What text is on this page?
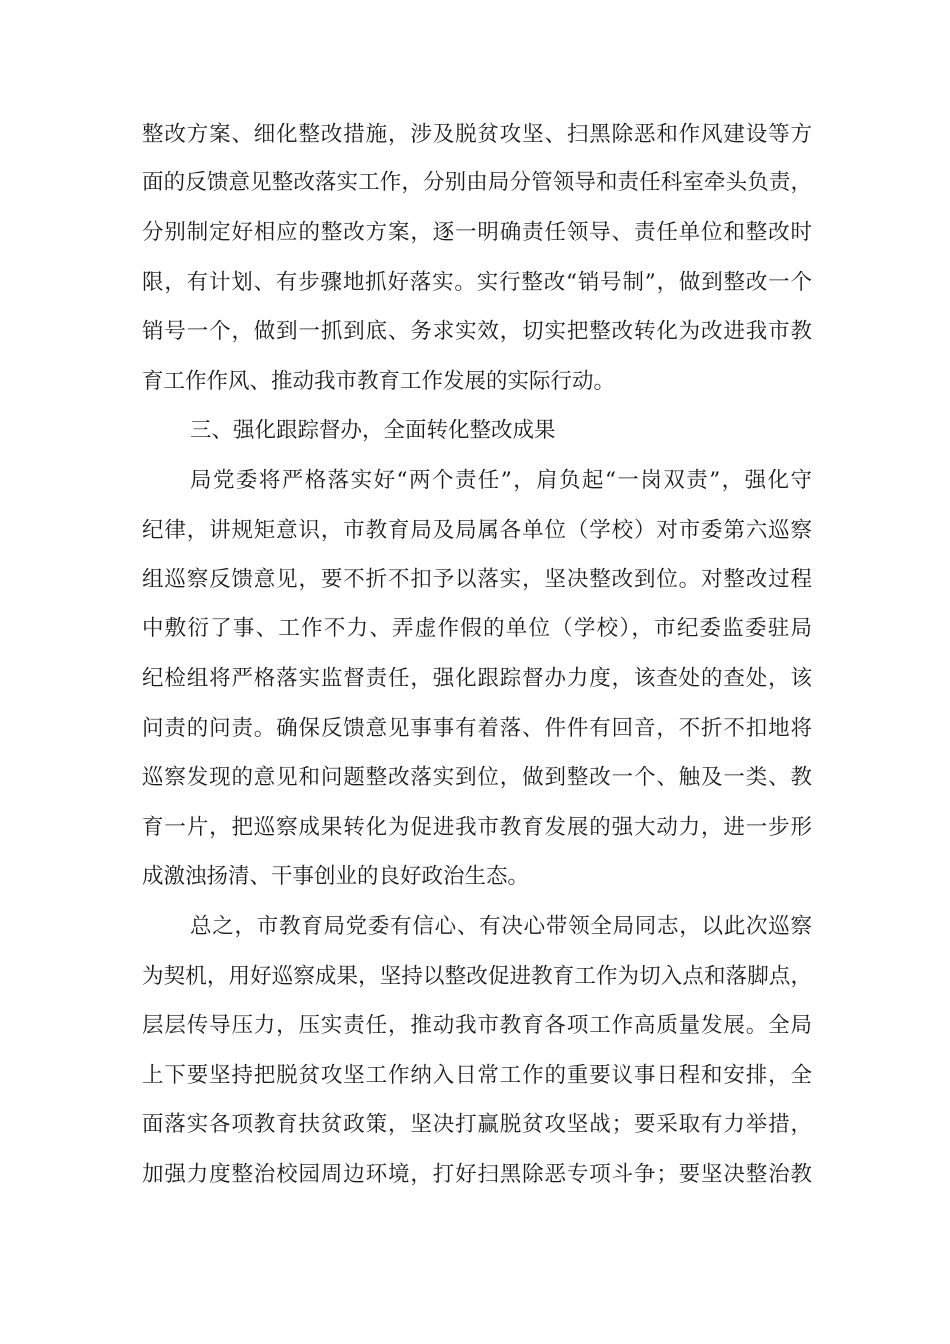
整改方案、细化整改措施，涉及脱贫攻坚、扫黑除恶和作风建设等方
面的反馈意见整改落实工作，分别由局分管领导和责任科室牵头负责，
分别制定好相应的整改方案，逐一明确责任领导、责任单位和整改时
限，有计划、有步骤地抓好落实。实行整改“销号制”，做到整改一个
销号一个，做到一抓到底、务求实效，切实把整改转化为改进我市教
育工作作风、推动我市教育工作发展的实际行动。
三、强化跟踪督办，全面转化整改成果
局党委将严格落实好“两个责任”，肩负起“一岗双责”，强化守
纪律，讲规矩意识，市教育局及局属各单位（学校）对市委第六巡察
组巡察反馈意见，要不折不扣予以落实，坚决整改到位。对整改过程
中敷衍了事、工作不力、弄虚作假的单位（学校），市纪委监委驻局
纪检组将严格落实监督责任，强化跟踪督办力度，该查处的查处，该
问责的问责。确保反馈意见事事有着落、件件有回音，不折不扣地将
巡察发现的意见和问题整改落实到位，做到整改一个、触及一类、教
育一片，把巡察成果转化为促进我市教育发展的强大动力，进一步形
成激浊扬清、干事创业的良好政治生态。
总之，市教育局党委有信心、有决心带领全局同志，以此次巡察
为契机，用好巡察成果，坚持以整改促进教育工作为切入点和落脚点，
层层传导压力，压实责任，推动我市教育各项工作高质量发展。全局
上下要坚持把脱贫攻坚工作纳入日常工作的重要议事日程和安排，全
面落实各项教育扶贫政策，坚决打赢脱贫攻坚战；要采取有力举措，
加强力度整治校园周边环境，打好扫黑除恶专项斗争；要坚决整治教
